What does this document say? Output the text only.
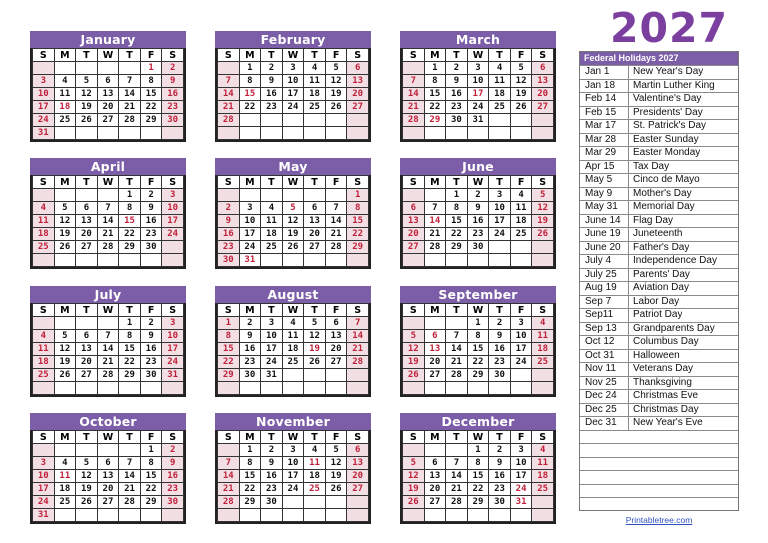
January
S	M	T	W	T	F	S
					1	2
3	4	5	6	7	8	9
10	11	12	13	14	15	16
17	18	19	20	21	22	23
24	25	26	27	28	29	30
31						
February
S	M	T	W	T	F	S
	1	2	3	4	5	6
7	8	9	10	11	12	13
14	15	16	17	18	19	20
21	22	23	24	25	26	27
28						

March
S	M	T	W	T	F	S
	1	2	3	4	5	6
7	8	9	10	11	12	13
14	15	16	17	18	19	20
21	22	23	24	25	26	27
28	29	30	31			

April
S	M	T	W	T	F	S
				1	2	3
4	5	6	7	8	9	10
11	12	13	14	15	16	17
18	19	20	21	22	23	24
25	26	27	28	29	30	

May
S	M	T	W	T	F	S
						1
2	3	4	5	6	7	8
9	10	11	12	13	14	15
16	17	18	19	20	21	22
23	24	25	26	27	28	29
30	31					
June
S	M	T	W	T	F	S
		1	2	3	4	5
6	7	8	9	10	11	12
13	14	15	16	17	18	19
20	21	22	23	24	25	26
27	28	29	30			

July
S	M	T	W	T	F	S
				1	2	3
4	5	6	7	8	9	10
11	12	13	14	15	16	17
18	19	20	21	22	23	24
25	26	27	28	29	30	31

August
S	M	T	W	T	F	S
1	2	3	4	5	6	7
8	9	10	11	12	13	14
15	16	17	18	19	20	21
22	23	24	25	26	27	28
29	30	31				

September
S	M	T	W	T	F	S
			1	2	3	4
5	6	7	8	9	10	11
12	13	14	15	16	17	18
19	20	21	22	23	24	25
26	27	28	29	30		

October
S	M	T	W	T	F	S
					1	2
3	4	5	6	7	8	9
10	11	12	13	14	15	16
17	18	19	20	21	22	23
24	25	26	27	28	29	30
31						
November
S	M	T	W	T	F	S
	1	2	3	4	5	6
7	8	9	10	11	12	13
14	15	16	17	18	19	20
21	22	23	24	25	26	27
28	29	30				

December
S	M	T	W	T	F	S
			1	2	3	4
5	6	7	8	9	10	11
12	13	14	15	16	17	18
19	20	21	22	23	24	25
26	27	28	29	30	31	

2027
Federal Holidays 2027
Jan 1	New Year's Day
Jan 18	Martin Luther King
Feb 14	Valentine's Day
Feb 15	Presidents' Day
Mar 17	St. Patrick's Day
Mar 28	Easter Sunday
Mar 29	Easter Monday
Apr 15	Tax Day
May 5	Cinco de Mayo
May 9	Mother's Day
May 31	Memorial Day
June 14	Flag Day
June 19	Juneteenth
June 20	Father's Day
July 4	Independence Day
July 25	Parents' Day
Aug 19	Aviation Day
Sep 7	Labor Day
Sep11	Patriot Day
Sep 13	Grandparents Day
Oct 12	Columbus Day
Oct 31	Halloween
Nov 11	Veterans Day
Nov 25	Thanksgiving
Dec 24	Christmas Eve
Dec 25	Christmas Day
Dec 31	New Year's Eve
Printabletree.com
